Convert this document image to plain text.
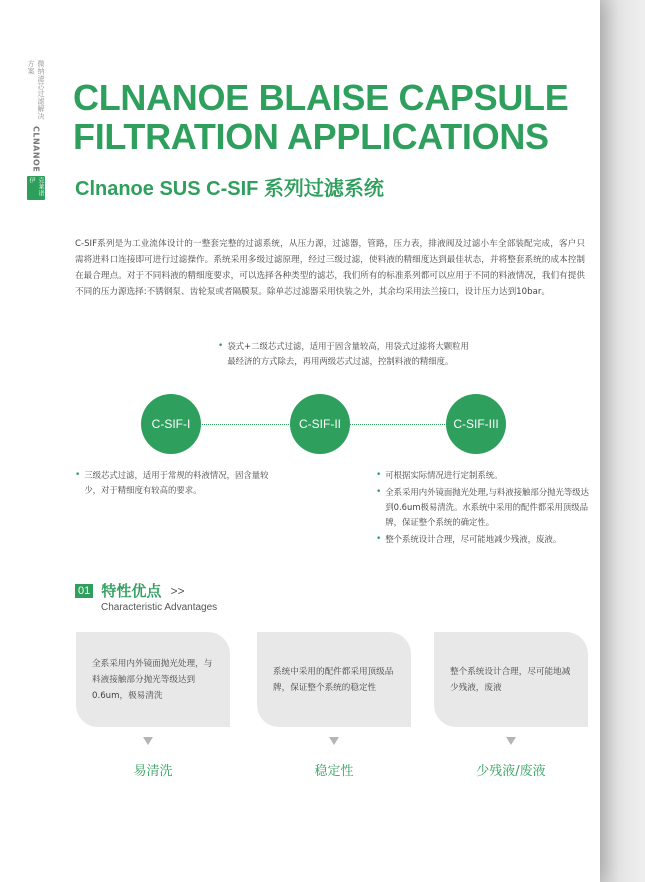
微纳滤芯过滤解决方案
CLNANOE
克莱诺伊
CLNANOE BLAISE CAPSULE
FILTRATION APPLICATIONS
Clnanoe SUS C-SIF 系列过滤系统

C-SIF系列是为工业流体设计的一整套完整的过滤系统，从压力源，过滤器，管路，压力表，排液阀及过滤小车全部装配完成，客户只需将进料口连接即可进行过滤操作。系统采用多级过滤原理，经过三级过滤，使料液的精细度达到最佳状态，并将整套系统的成本控制在最合理点。对于不同料液的精细度要求，可以选择各种类型的滤芯，我们所有的标准系列都可以应用于不同的料液情况，我们有提供不同的压力源选择:不锈钢泵、齿轮泵或者隔膜泵。除单芯过滤器采用快装之外，其余均采用法兰接口，设计压力达到10bar。

• 袋式+二级芯式过滤，适用于固含量较高，用袋式过滤将大颗粒用最经济的方式除去，再用两级芯式过滤，控制料液的精细度。
C-SIF-I	C-SIF-II	C-SIF-III
• 三级芯式过滤，适用于常规的料液情况，固含量较少，对于精细度有较高的要求。
• 可根据实际情况进行定制系统。
• 全系采用内外镜面抛光处理,与料液接触部分抛光等级达到0.6um极易清洗。水系统中采用的配件都采用顶级品牌，保证整个系统的确定性。
• 整个系统设计合理，尽可能地减少残液，废液。
01 特性优点 >>
Characteristic Advantages

全系采用内外镜面抛光处理，与料液接触部分抛光等级达到0.6um，极易清洗

系统中采用的配件都采用顶级品牌，保证整个系统的稳定性

整个系统设计合理，尽可能地减少残液，废液

易清洗	稳定性	少残液/废液
